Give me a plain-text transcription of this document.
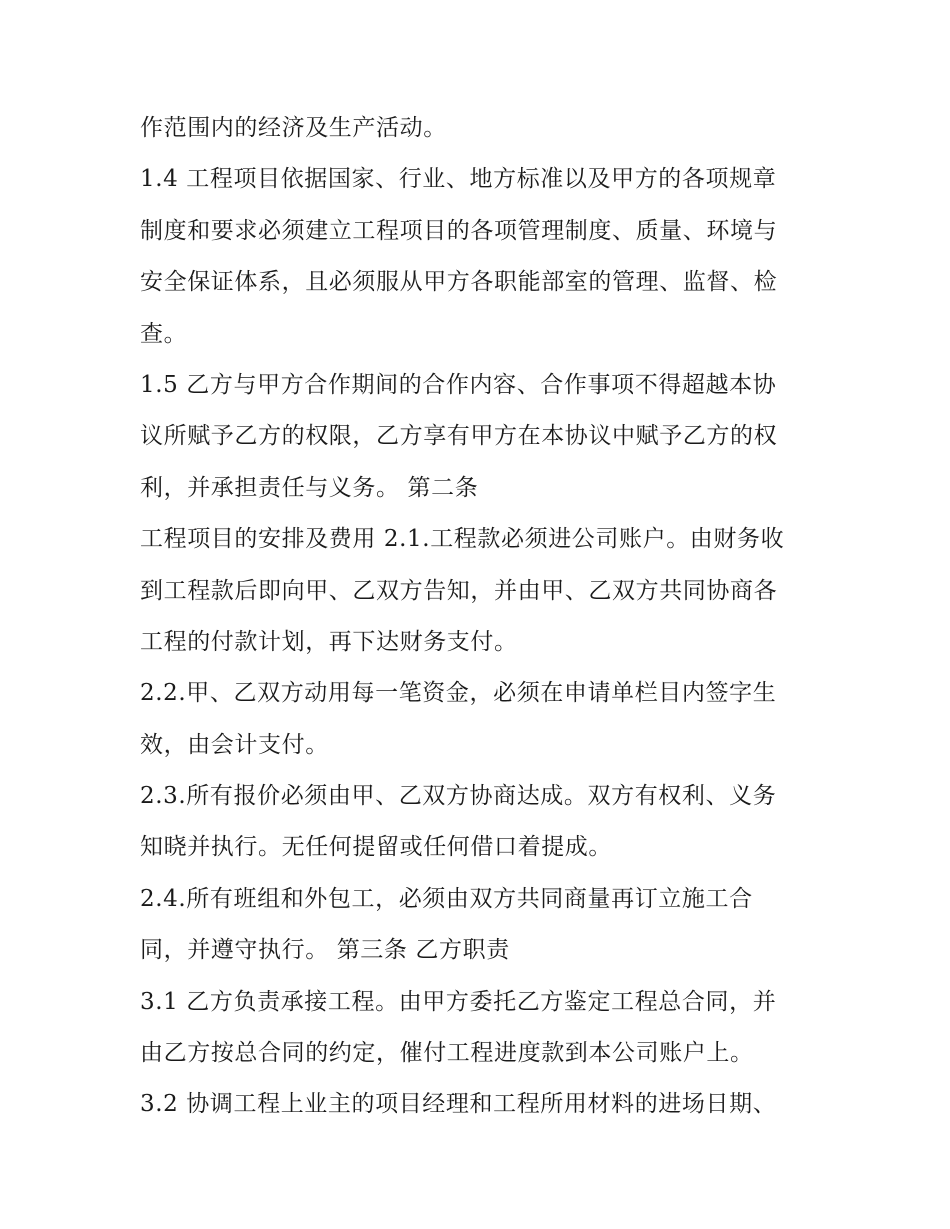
作范围内的经济及生产活动。
1.4 工程项目依据国家、行业、地方标准以及甲方的各项规章
制度和要求必须建立工程项目的各项管理制度、质量、环境与
安全保证体系，且必须服从甲方各职能部室的管理、监督、检
查。
1.5 乙方与甲方合作期间的合作内容、合作事项不得超越本协
议所赋予乙方的权限，乙方享有甲方在本协议中赋予乙方的权
利，并承担责任与义务。 第二条
工程项目的安排及费用 2.1.工程款必须进公司账户。由财务收
到工程款后即向甲、乙双方告知，并由甲、乙双方共同协商各
工程的付款计划，再下达财务支付。
2.2.甲、乙双方动用每一笔资金，必须在申请单栏目内签字生
效，由会计支付。
2.3.所有报价必须由甲、乙双方协商达成。双方有权利、义务
知晓并执行。无任何提留或任何借口着提成。
2.4.所有班组和外包工，必须由双方共同商量再订立施工合
同，并遵守执行。 第三条 乙方职责
3.1 乙方负责承接工程。由甲方委托乙方鉴定工程总合同，并
由乙方按总合同的约定，催付工程进度款到本公司账户上。
3.2 协调工程上业主的项目经理和工程所用材料的进场日期、
